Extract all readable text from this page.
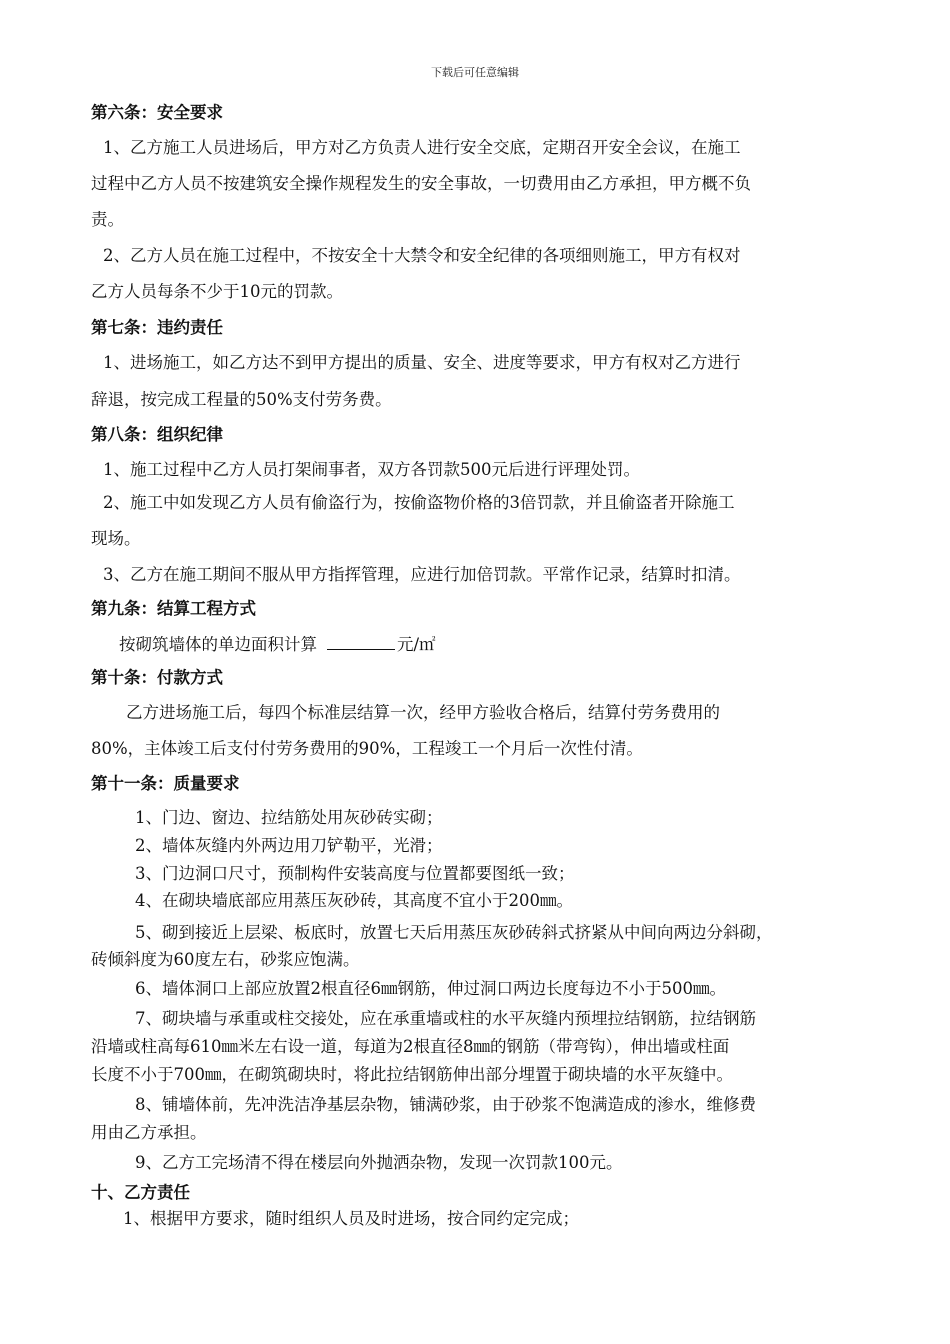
下载后可任意编辑
第六条：安全要求
1、乙方施工人员进场后，甲方对乙方负责人进行安全交底，定期召开安全会议，在施工
过程中乙方人员不按建筑安全操作规程发生的安全事故，一切费用由乙方承担，甲方概不负
责。
2、乙方人员在施工过程中，不按安全十大禁令和安全纪律的各项细则施工，甲方有权对
乙方人员每条不少于10元的罚款。
第七条：违约责任
1、进场施工，如乙方达不到甲方提出的质量、安全、进度等要求，甲方有权对乙方进行
辞退，按完成工程量的50%支付劳务费。
第八条：组织纪律
1、施工过程中乙方人员打架闹事者，双方各罚款500元后进行评理处罚。
2、施工中如发现乙方人员有偷盗行为，按偷盗物价格的3倍罚款，并且偷盗者开除施工
现场。
3、乙方在施工期间不服从甲方指挥管理，应进行加倍罚款。平常作记录，结算时扣清。
第九条：结算工程方式
按砌筑墙体的单边面积计算	元/㎡
第十条：付款方式
乙方进场施工后，每四个标准层结算一次，经甲方验收合格后，结算付劳务费用的
80%，主体竣工后支付付劳务费用的90%，工程竣工一个月后一次性付清。
第十一条：质量要求
1、门边、窗边、拉结筋处用灰砂砖实砌；
2、墙体灰缝内外两边用刀铲勒平，光滑；
3、门边洞口尺寸，预制构件安装高度与位置都要图纸一致；
4、在砌块墙底部应用蒸压灰砂砖，其高度不宜小于200㎜。
5、砌到接近上层梁、板底时，放置七天后用蒸压灰砂砖斜式挤紧从中间向两边分斜砌，
砖倾斜度为60度左右，砂浆应饱满。
6、墙体洞口上部应放置2根直径6㎜钢筋，伸过洞口两边长度每边不小于500㎜。
7、砌块墙与承重或柱交接处，应在承重墙或柱的水平灰缝内预埋拉结钢筋，拉结钢筋
沿墙或柱高每610㎜米左右设一道，每道为2根直径8㎜的钢筋（带弯钩），伸出墙或柱面
长度不小于700㎜，在砌筑砌块时，将此拉结钢筋伸出部分埋置于砌块墙的水平灰缝中。
8、铺墙体前，先冲洗洁净基层杂物，铺满砂浆，由于砂浆不饱满造成的渗水，维修费
用由乙方承担。
9、乙方工完场清不得在楼层向外抛洒杂物，发现一次罚款100元。
十、乙方责任
1、根据甲方要求，随时组织人员及时进场，按合同约定完成；
